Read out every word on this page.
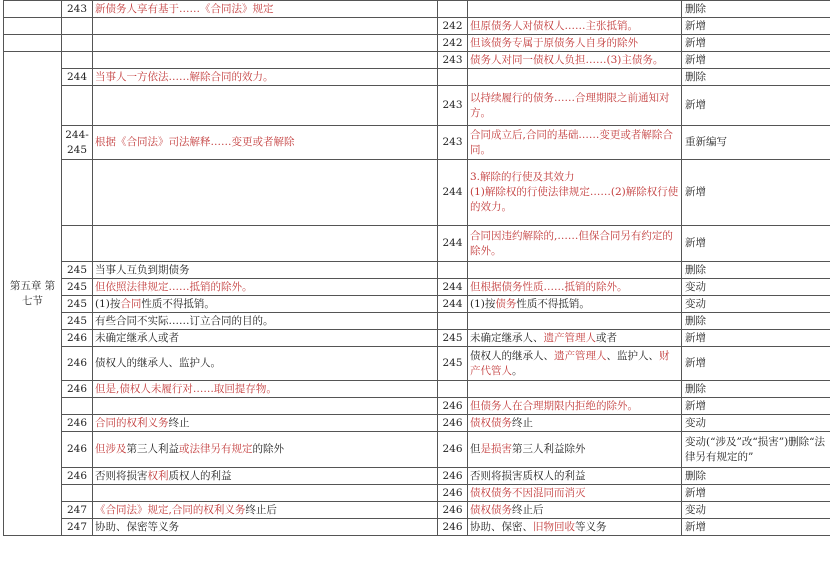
	243	新债务人享有基于……《合同法》规定			删除
			242	但原债务人对债权人……主张抵销。	新增
			242	但该债务专属于原债务人自身的除外	新增
第五章 第七节			243	债务人对同一债权人负担……(3)主债务。	新增
	244	当事人一方依法……解除合同的效力。			删除
			243	以持续履行的债务……合理期限之前通知对方。	新增
	244-245	根据《合同法》司法解释……变更或者解除	243	合同成立后,合同的基础……变更或者解除合同。	重新编写
			244	3.解除的行使及其效力
(1)解除权的行使法律规定……(2)解除权行使的效力。	新增
			244	合同因违约解除的,……但保合同另有约定的除外。	新增
	245	当事人互负到期债务			删除
	245	但依照法律规定……抵销的除外。	244	但根据债务性质……抵销的除外。	变动
	245	(1)按合同性质不得抵销。	244	(1)按债务性质不得抵销。	变动
	245	有些合同不实际……订立合同的目的。			删除
	246	未确定继承人或者	245	未确定继承人、遗产管理人或者	新增
	246	债权人的继承人、监护人。	245	债权人的继承人、遗产管理人、监护人、财产代管人。	新增
	246	但是,债权人未履行对……取回提存物。			删除
			246	但债务人在合理期限内拒绝的除外。	新增
	246	合同的权利义务终止	246	债权债务终止	变动
	246	但涉及第三人利益或法律另有规定的除外	246	但是损害第三人利益除外	变动(“涉及”改“损害”)删除“法律另有规定的”
	246	否则将损害权利质权人的利益	246	否则将损害质权人的利益	删除
			246	债权债务不因混同而消灭	新增
	247	《合同法》规定,合同的权利义务终止后	246	债权债务终止后	变动
	247	协助、保密等义务	246	协助、保密、旧物回收等义务	新增
